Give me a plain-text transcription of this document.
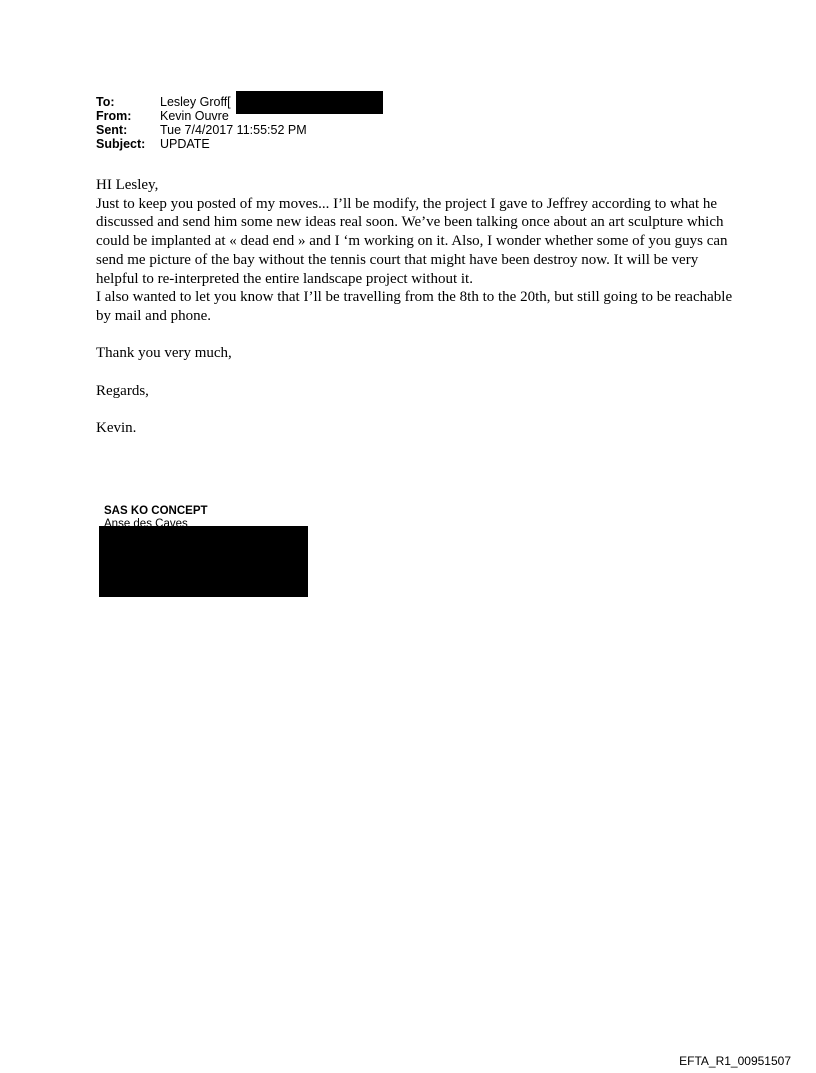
To:	Lesley Groff[
From:	Kevin Ouvre
Sent:	Tue 7/4/2017 11:55:52 PM
Subject:	UPDATE

HI Lesley,

Just to keep you posted of my moves... I’ll be modify, the project I gave to Jeffrey according to what he discussed and send him some new ideas real soon. We’ve been talking once about an art sculpture which could be implanted at « dead end » and I ‘m working on it. Also, I wonder whether some of you guys can send me picture of the bay without the tennis court that might have been destroy now. It will be very helpful to re-interpreted the entire landscape project without it.

I also wanted to let you know that I’ll be travelling from the 8th to the 20th, but still going to be reachable by mail and phone.

Thank you very much,

Regards,

Kevin.

SAS KO CONCEPT
Anse des Caves
EFTA_R1_00951507
